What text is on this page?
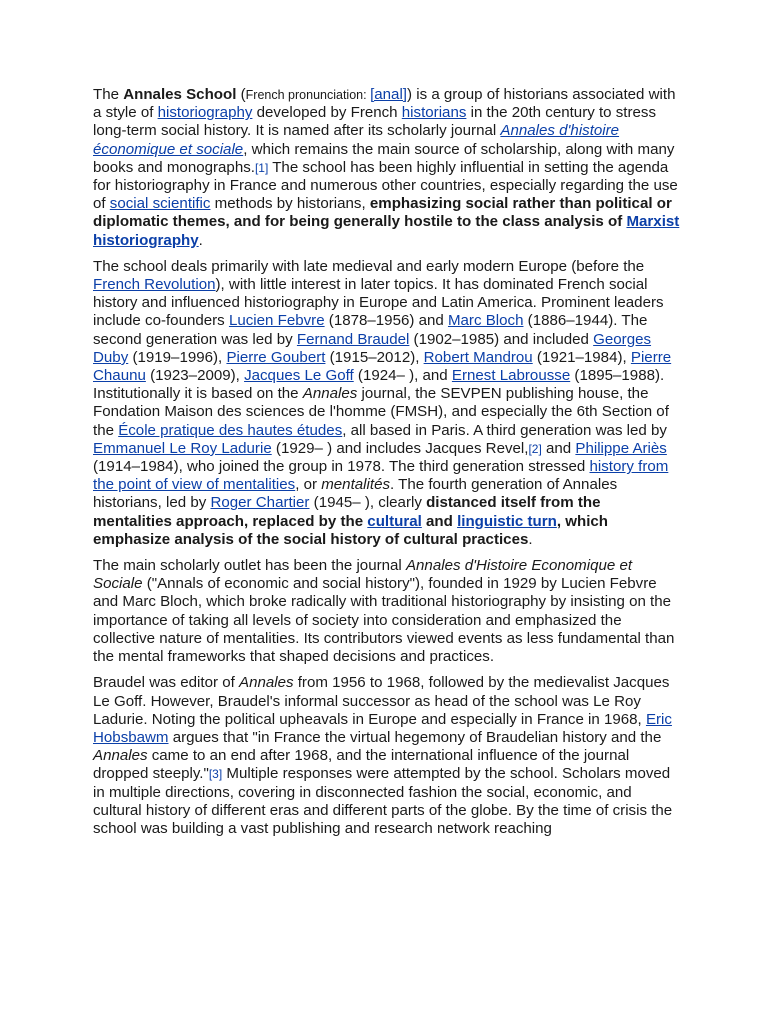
The Annales School (French pronunciation: [anal]) is a group of historians associated with a style of historiography developed by French historians in the 20th century to stress long-term social history. It is named after its scholarly journal Annales d'histoire économique et sociale, which remains the main source of scholarship, along with many books and monographs.[1] The school has been highly influential in setting the agenda for historiography in France and numerous other countries, especially regarding the use of social scientific methods by historians, emphasizing social rather than political or diplomatic themes, and for being generally hostile to the class analysis of Marxist historiography.

The school deals primarily with late medieval and early modern Europe (before the French Revolution), with little interest in later topics. It has dominated French social history and influenced historiography in Europe and Latin America. Prominent leaders include co-founders Lucien Febvre (1878–1956) and Marc Bloch (1886–1944). The second generation was led by Fernand Braudel (1902–1985) and included Georges Duby (1919–1996), Pierre Goubert (1915–2012), Robert Mandrou (1921–1984), Pierre Chaunu (1923–2009), Jacques Le Goff (1924– ), and Ernest Labrousse (1895–1988). Institutionally it is based on the Annales journal, the SEVPEN publishing house, the Fondation Maison des sciences de l'homme (FMSH), and especially the 6th Section of the École pratique des hautes études, all based in Paris. A third generation was led by Emmanuel Le Roy Ladurie (1929– ) and includes Jacques Revel,[2] and Philippe Ariès (1914–1984), who joined the group in 1978. The third generation stressed history from the point of view of mentalities, or mentalités. The fourth generation of Annales historians, led by Roger Chartier (1945– ), clearly distanced itself from the mentalities approach, replaced by the cultural and linguistic turn, which emphasize analysis of the social history of cultural practices.

The main scholarly outlet has been the journal Annales d'Histoire Economique et Sociale ("Annals of economic and social history"), founded in 1929 by Lucien Febvre and Marc Bloch, which broke radically with traditional historiography by insisting on the importance of taking all levels of society into consideration and emphasized the collective nature of mentalities. Its contributors viewed events as less fundamental than the mental frameworks that shaped decisions and practices.

Braudel was editor of Annales from 1956 to 1968, followed by the medievalist Jacques Le Goff. However, Braudel's informal successor as head of the school was Le Roy Ladurie. Noting the political upheavals in Europe and especially in France in 1968, Eric Hobsbawm argues that "in France the virtual hegemony of Braudelian history and the Annales came to an end after 1968, and the international influence of the journal dropped steeply."[3] Multiple responses were attempted by the school. Scholars moved in multiple directions, covering in disconnected fashion the social, economic, and cultural history of different eras and different parts of the globe. By the time of crisis the school was building a vast publishing and research network reaching
